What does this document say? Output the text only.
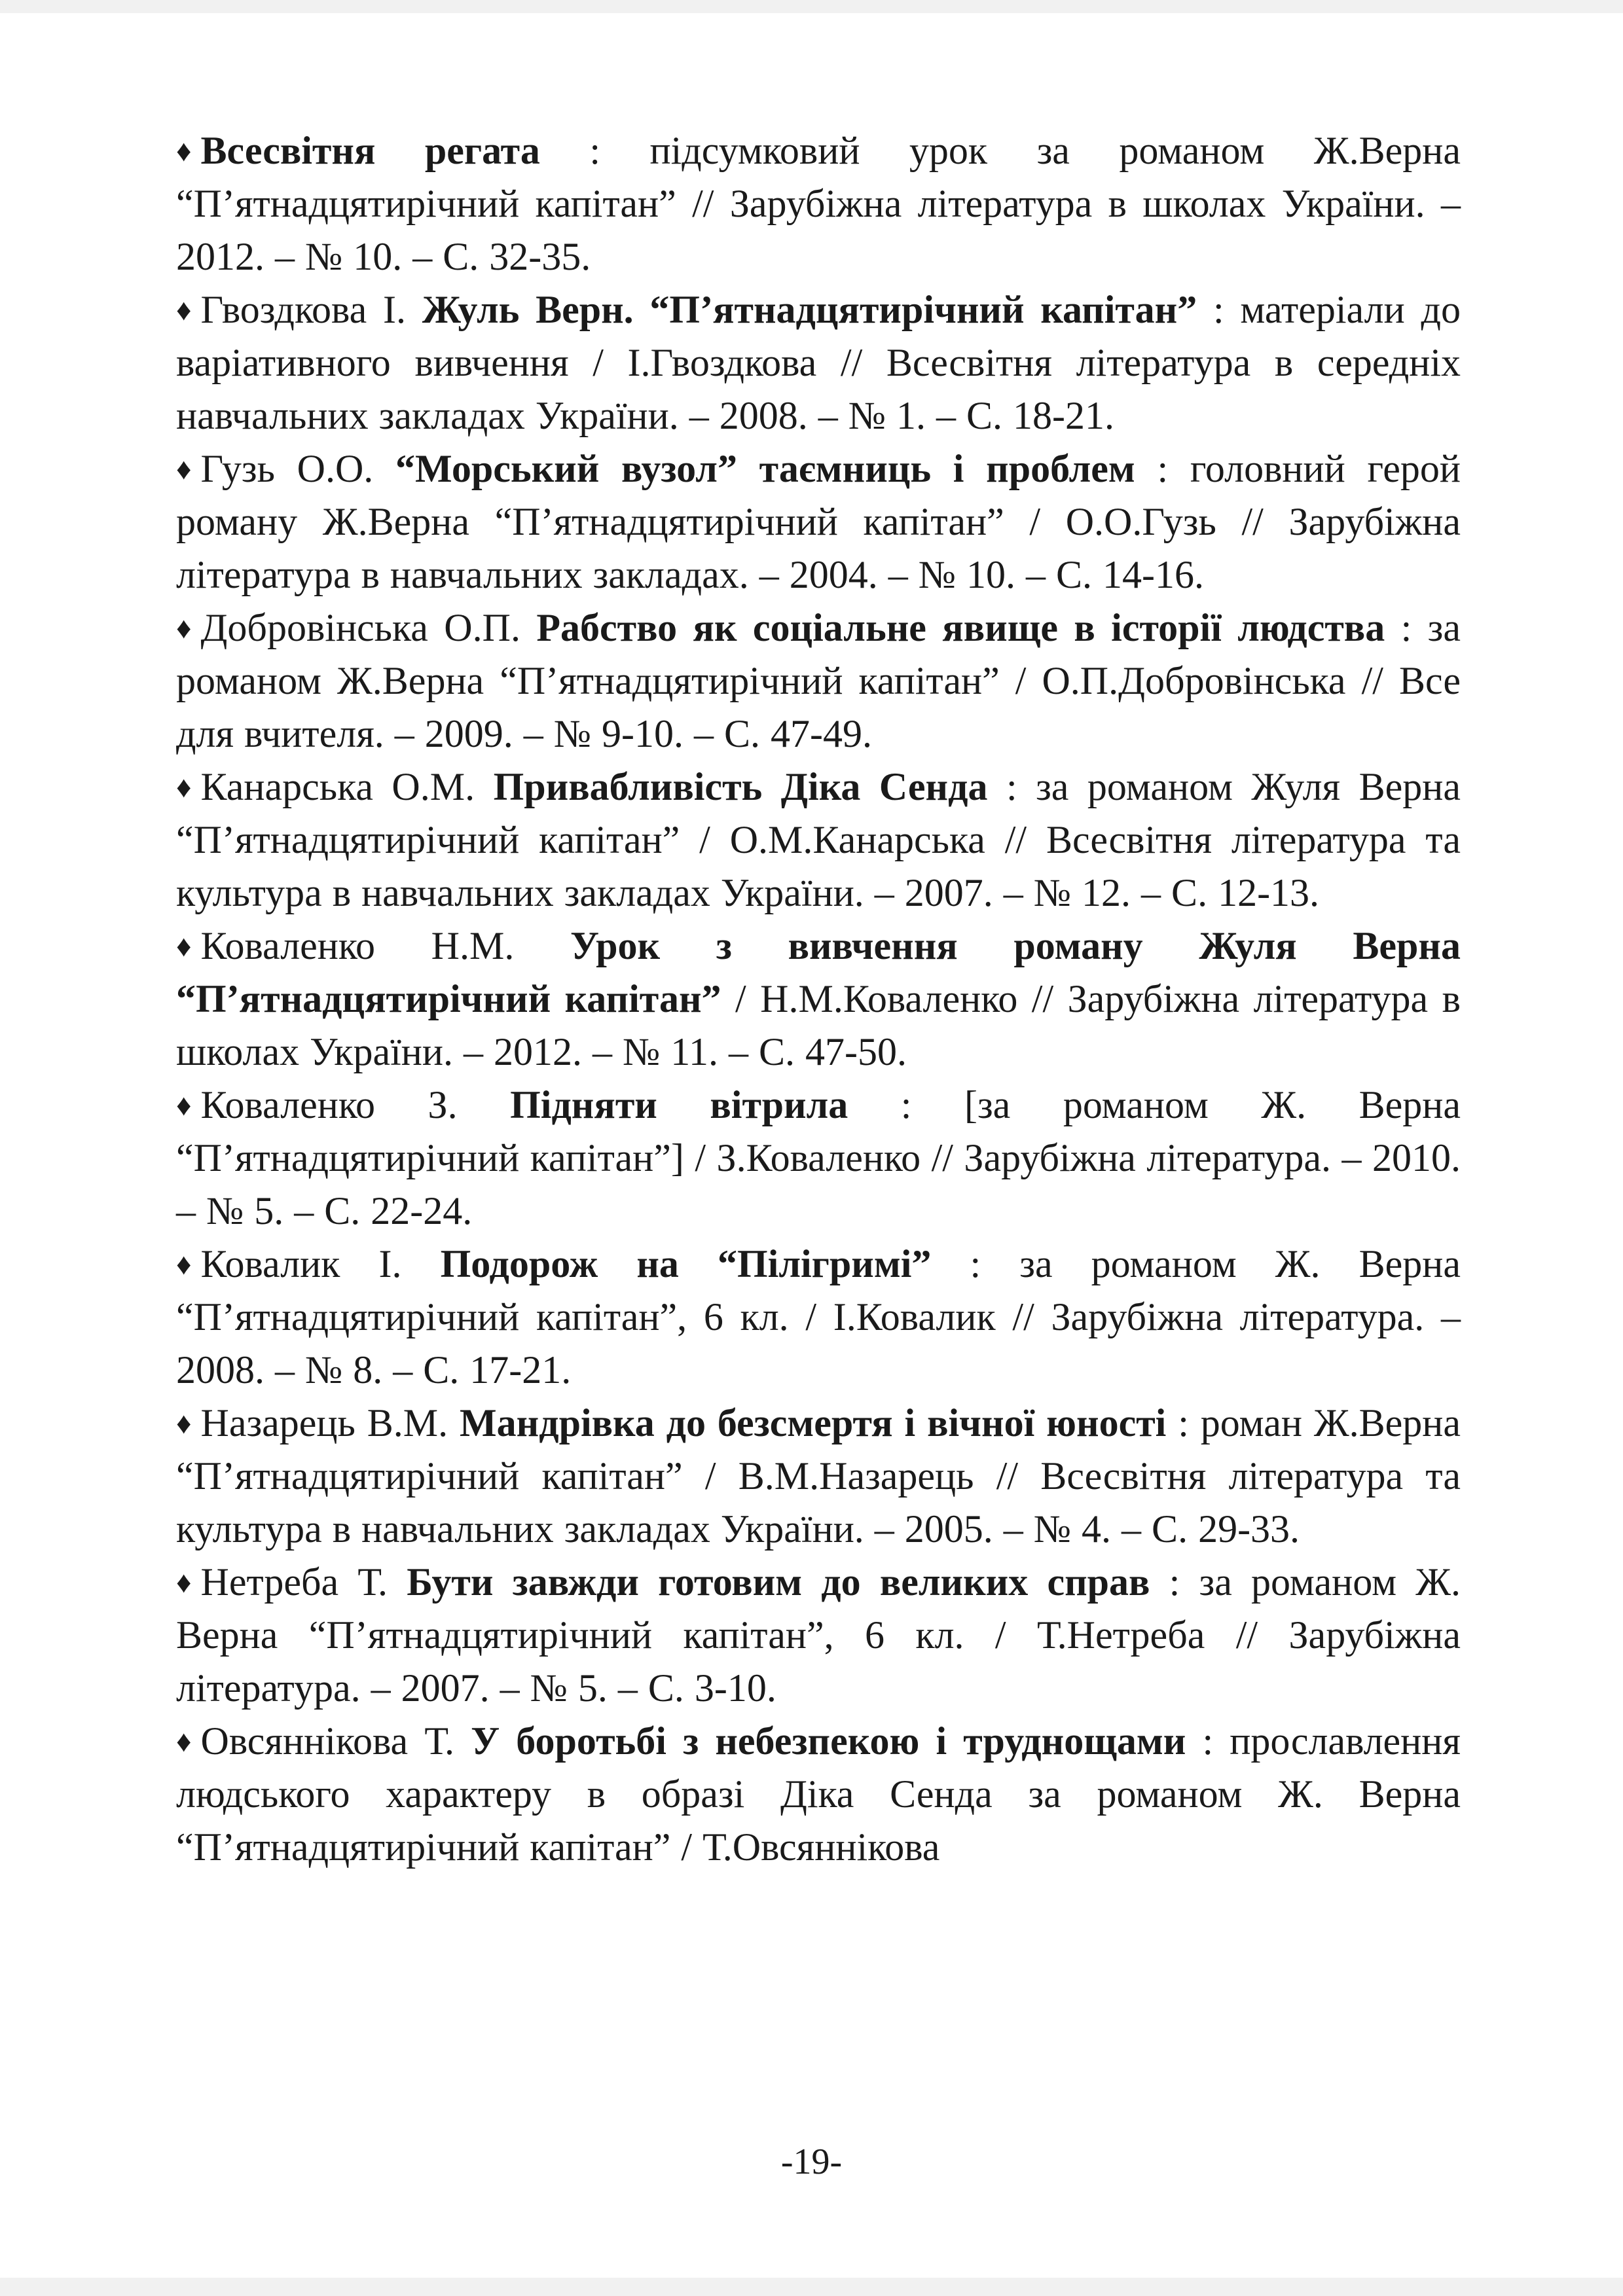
♦ Всесвітня регата : підсумковий урок за романом Ж.Верна “П’ятнадцятирічний капітан” // Зарубіжна література в школах України. – 2012. – № 10. – С. 32-35.

♦ Гвоздкова І. Жуль Верн. “П’ятнадцятирічний капітан” : матеріали до варіативного вивчення / І.Гвоздкова // Всесвітня література в середніх навчальних закладах України. – 2008. – № 1. – С. 18-21.

♦ Гузь О.О. “Морський вузол” таємниць і проблем : головний герой роману Ж.Верна “П’ятнадцятирічний капітан” / О.О.Гузь // Зарубіжна література в навчальних закладах. – 2004. – № 10. – С. 14-16.

♦ Добровінська О.П. Рабство як соціальне явище в історії людства : за романом Ж.Верна “П’ятнадцятирічний капітан” / О.П.Добровінська // Все для вчителя. – 2009. – № 9-10. – С. 47-49.

♦ Канарська О.М. Привабливість Діка Сенда : за романом Жуля Верна “П’ятнадцятирічний капітан” / О.М.Канарська // Всесвітня література та культура в навчальних закладах України. – 2007. – № 12. – С. 12-13.

♦ Коваленко Н.М. Урок з вивчення роману Жуля Верна “П’ятнадцятирічний капітан” / Н.М.Коваленко // Зарубіжна література в школах України. – 2012. – № 11. – С. 47-50.

♦ Коваленко З. Підняти вітрила : [за романом Ж. Верна “П’ятнадцятирічний капітан”] / З.Коваленко // Зарубіжна література. – 2010. – № 5. – С. 22-24.

♦ Ковалик І. Подорож на “Пілігримі” : за романом Ж. Верна “П’ятнадцятирічний капітан”, 6 кл. / І.Ковалик // Зарубіжна література. – 2008. – № 8. – С. 17-21.

♦ Назарець В.М. Мандрівка до безсмертя і вічної юності : роман Ж.Верна “П’ятнадцятирічний капітан” / В.М.Назарець // Всесвітня література та культура в навчальних закладах України. – 2005. – № 4. – С. 29-33.

♦ Нетреба Т. Бути завжди готовим до великих справ : за романом Ж. Верна “П’ятнадцятирічний капітан”, 6 кл. / Т.Нетреба // Зарубіжна література. – 2007. – № 5. – С. 3-10.

♦ Овсяннікова Т. У боротьбі з небезпекою і труднощами : прославлення людського характеру в образі Діка Сенда за романом Ж. Верна “П’ятнадцятирічний капітан” / Т.Овсяннікова

-19-
